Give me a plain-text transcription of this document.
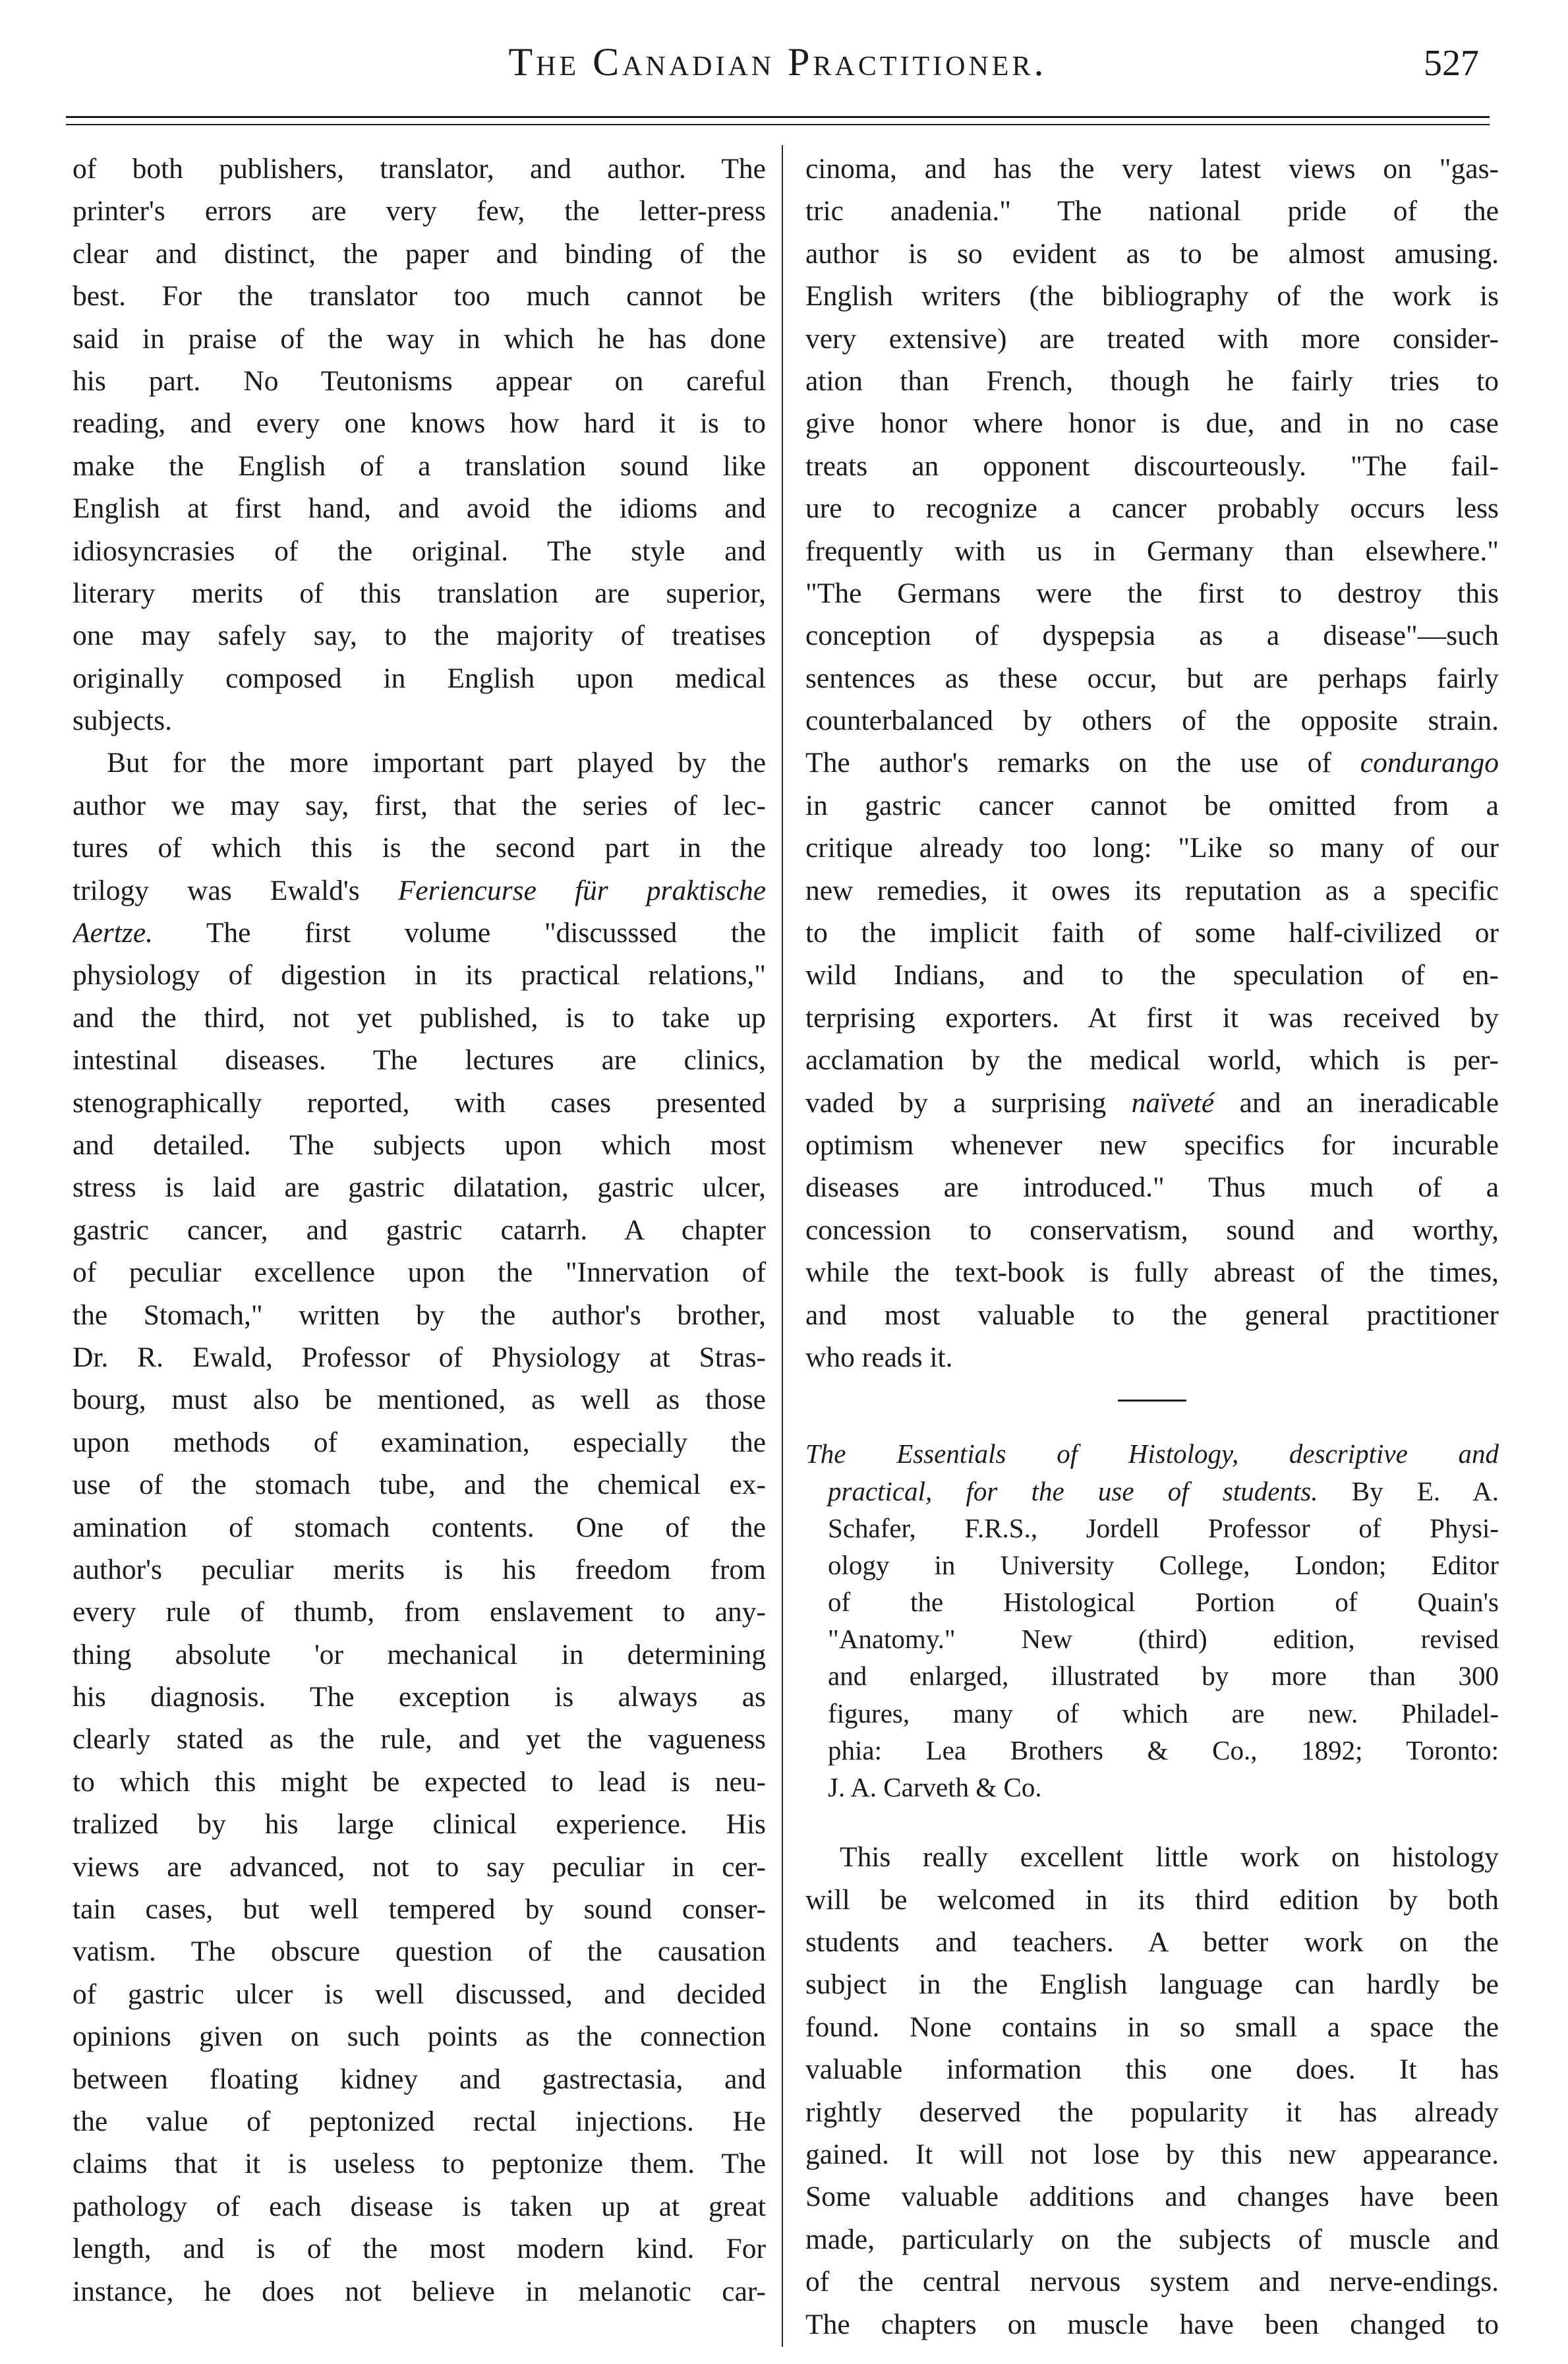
The Canadian Practitioner.	527
of both publishers, translator, and author. The
printer's errors are very few, the letter-press
clear and distinct, the paper and binding of the
best. For the translator too much cannot be
said in praise of the way in which he has done
his part. No Teutonisms appear on careful
reading, and every one knows how hard it is to
make the English of a translation sound like
English at first hand, and avoid the idioms and
idiosyncrasies of the original. The style and
literary merits of this translation are superior,
one may safely say, to the majority of treatises
originally composed in English upon medical
subjects.
But for the more important part played by the
author we may say, first, that the series of lec-
tures of which this is the second part in the
trilogy was Ewald's Feriencurse für praktische
Aertze. The first volume "discusssed the
physiology of digestion in its practical relations,"
and the third, not yet published, is to take up
intestinal diseases. The lectures are clinics,
stenographically reported, with cases presented
and detailed. The subjects upon which most
stress is laid are gastric dilatation, gastric ulcer,
gastric cancer, and gastric catarrh. A chapter
of peculiar excellence upon the "Innervation of
the Stomach," written by the author's brother,
Dr. R. Ewald, Professor of Physiology at Stras-
bourg, must also be mentioned, as well as those
upon methods of examination, especially the
use of the stomach tube, and the chemical ex-
amination of stomach contents. One of the
author's peculiar merits is his freedom from
every rule of thumb, from enslavement to any-
thing absolute 'or mechanical in determining
his diagnosis. The exception is always as
clearly stated as the rule, and yet the vagueness
to which this might be expected to lead is neu-
tralized by his large clinical experience. His
views are advanced, not to say peculiar in cer-
tain cases, but well tempered by sound conser-
vatism. The obscure question of the causation
of gastric ulcer is well discussed, and decided
opinions given on such points as the connection
between floating kidney and gastrectasia, and
the value of peptonized rectal injections. He
claims that it is useless to peptonize them. The
pathology of each disease is taken up at great
length, and is of the most modern kind. For
instance, he does not believe in melanotic car-
cinoma, and has the very latest views on "gas-
tric anadenia." The national pride of the
author is so evident as to be almost amusing.
English writers (the bibliography of the work is
very extensive) are treated with more consider-
ation than French, though he fairly tries to
give honor where honor is due, and in no case
treats an opponent discourteously. "The fail-
ure to recognize a cancer probably occurs less
frequently with us in Germany than elsewhere."
"The Germans were the first to destroy this
conception of dyspepsia as a disease"—such
sentences as these occur, but are perhaps fairly
counterbalanced by others of the opposite strain.
The author's remarks on the use of condurango
in gastric cancer cannot be omitted from a
critique already too long: "Like so many of our
new remedies, it owes its reputation as a specific
to the implicit faith of some half-civilized or
wild Indians, and to the speculation of en-
terprising exporters. At first it was received by
acclamation by the medical world, which is per-
vaded by a surprising naïveté and an ineradicable
optimism whenever new specifics for incurable
diseases are introduced." Thus much of a
concession to conservatism, sound and worthy,
while the text-book is fully abreast of the times,
and most valuable to the general practitioner
who reads it.
The Essentials of Histology, descriptive and
practical, for the use of students. By E. A.
Schafer, F.R.S., Jordell Professor of Physi-
ology in University College, London; Editor
of the Histological Portion of Quain's
"Anatomy." New (third) edition, revised
and enlarged, illustrated by more than 300
figures, many of which are new. Philadel-
phia: Lea Brothers & Co., 1892; Toronto:
J. A. Carveth & Co.
This really excellent little work on histology
will be welcomed in its third edition by both
students and teachers. A better work on the
subject in the English language can hardly be
found. None contains in so small a space the
valuable information this one does. It has
rightly deserved the popularity it has already
gained. It will not lose by this new appearance.
Some valuable additions and changes have been
made, particularly on the subjects of muscle and
of the central nervous system and nerve-endings.
The chapters on muscle have been changed to
